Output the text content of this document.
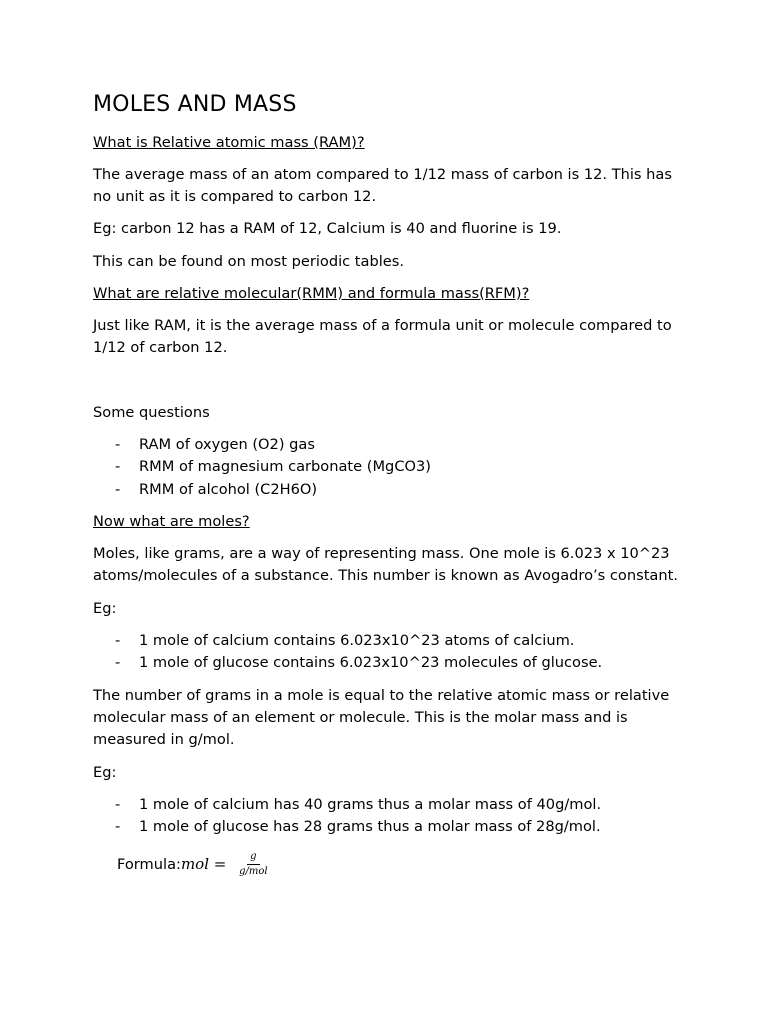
MOLES AND MASS
What is Relative atomic mass (RAM)?
The average mass of an atom compared to 1/12 mass of carbon is 12. This has
no unit as it is compared to carbon 12.
Eg: carbon 12 has a RAM of 12, Calcium is 40 and fluorine is 19.
This can be found on most periodic tables.
What are relative molecular(RMM) and formula mass(RFM)?
Just like RAM, it is the average mass of a formula unit or molecule compared to
1/12 of carbon 12.
Some questions
- RAM of oxygen (O2) gas
- RMM of magnesium carbonate (MgCO3)
- RMM of alcohol (C2H6O)
Now what are moles?
Moles, like grams, are a way of representing mass. One mole is 6.023 x 10^23
atoms/molecules of a substance. This number is known as Avogadro’s constant.
Eg:
- 1 mole of calcium contains 6.023x10^23 atoms of calcium.
- 1 mole of glucose contains 6.023x10^23 molecules of glucose.
The number of grams in a mole is equal to the relative atomic mass or relative
molecular mass of an element or molecule. This is the molar mass and is
measured in g/mol.
Eg:
- 1 mole of calcium has 40 grams thus a molar mass of 40g/mol.
- 1 mole of glucose has 28 grams thus a molar mass of 28g/mol.
Formula: mol = $\frac{g}{\text{g/mol}}$
